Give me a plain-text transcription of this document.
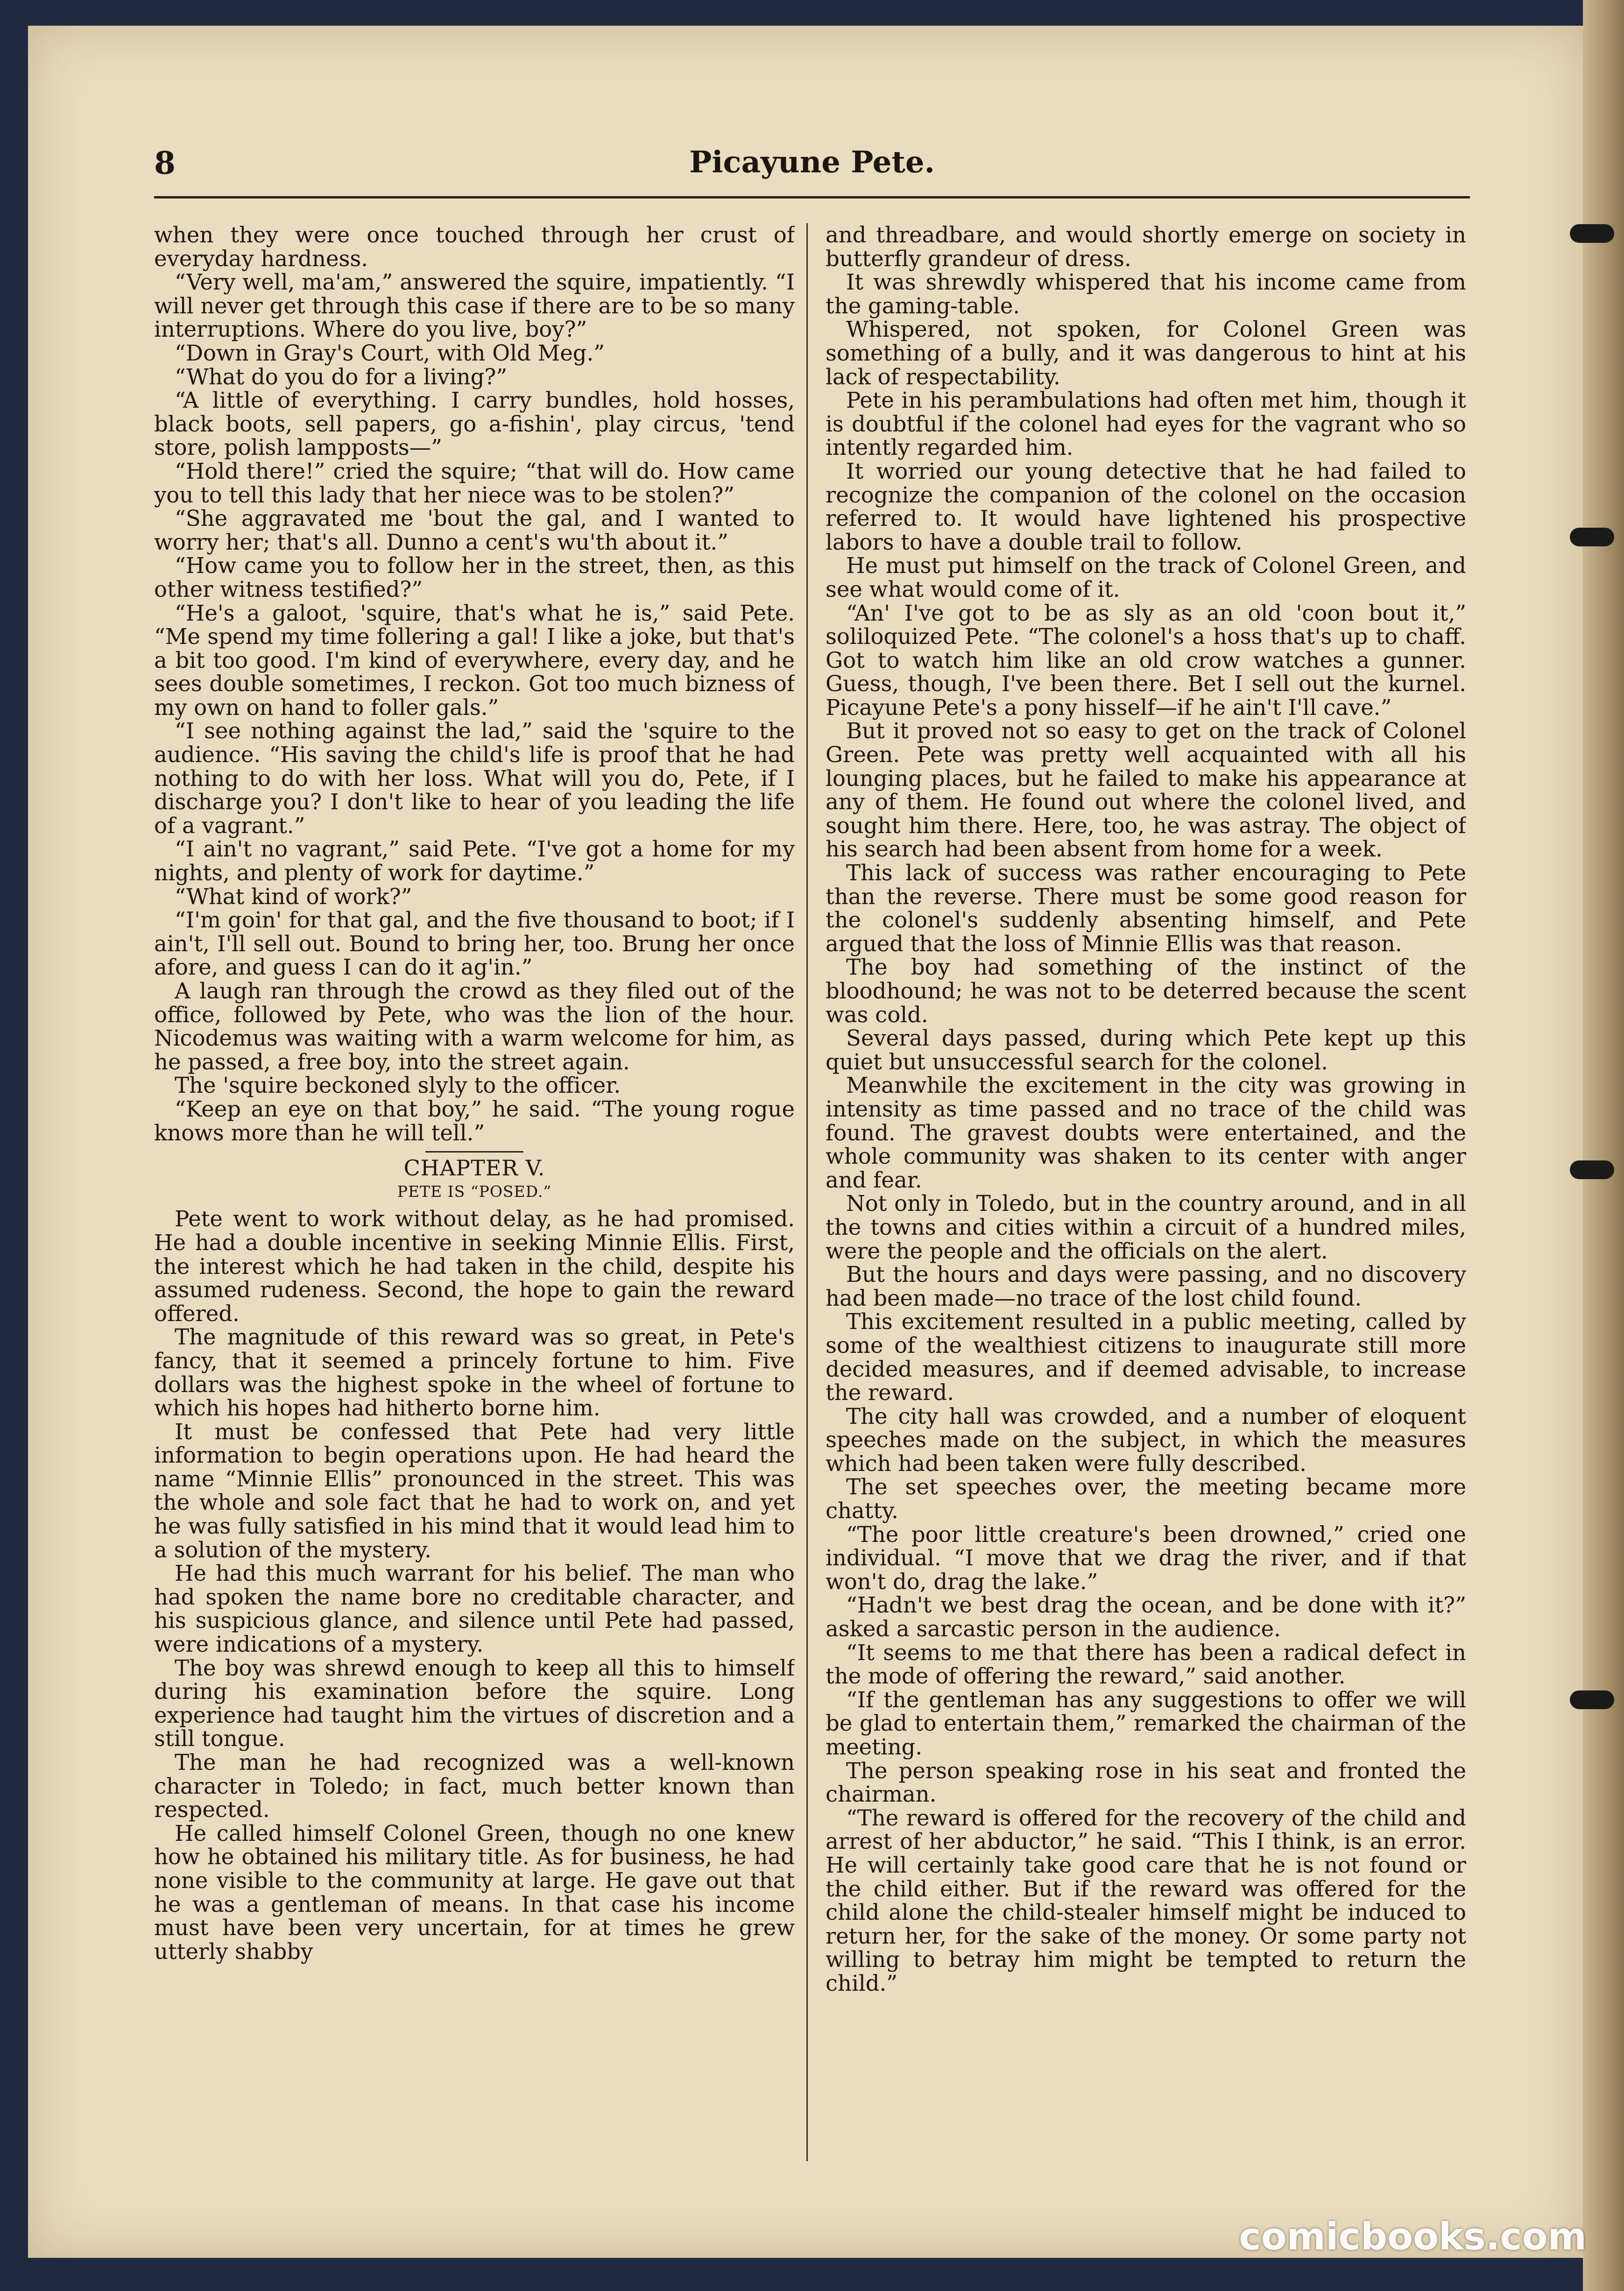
8	Picayune Pete.

when they were once touched through her crust of everyday hardness.

“Very well, ma'am,” answered the squire, impatiently. “I will never get through this case if there are to be so many interruptions. Where do you live, boy?”

“Down in Gray's Court, with Old Meg.”

“What do you do for a living?”

“A little of everything. I carry bundles, hold hosses, black boots, sell papers, go a-fishin', play circus, 'tend store, polish lampposts—”

“Hold there!” cried the squire; “that will do. How came you to tell this lady that her niece was to be stolen?”

“She aggravated me 'bout the gal, and I wanted to worry her; that's all. Dunno a cent's wu'th about it.”

“How came you to follow her in the street, then, as this other witness testified?”

“He's a galoot, 'squire, that's what he is,” said Pete. “Me spend my time follering a gal! I like a joke, but that's a bit too good. I'm kind of everywhere, every day, and he sees double sometimes, I reckon. Got too much bizness of my own on hand to foller gals.”

“I see nothing against the lad,” said the 'squire to the audience. “His saving the child's life is proof that he had nothing to do with her loss. What will you do, Pete, if I discharge you? I don't like to hear of you leading the life of a vagrant.”

“I ain't no vagrant,” said Pete. “I've got a home for my nights, and plenty of work for daytime.”

“What kind of work?”

“I'm goin' for that gal, and the five thousand to boot; if I ain't, I'll sell out. Bound to bring her, too. Brung her once afore, and guess I can do it ag'in.”

A laugh ran through the crowd as they filed out of the office, followed by Pete, who was the lion of the hour. Nicodemus was waiting with a warm welcome for him, as he passed, a free boy, into the street again.

The 'squire beckoned slyly to the officer.

“Keep an eye on that boy,” he said. “The young rogue knows more than he will tell.”

CHAPTER V.
PETE IS “POSED.”

Pete went to work without delay, as he had promised. He had a double incentive in seeking Minnie Ellis. First, the interest which he had taken in the child, despite his assumed rudeness. Second, the hope to gain the reward offered.

The magnitude of this reward was so great, in Pete's fancy, that it seemed a princely fortune to him. Five dollars was the highest spoke in the wheel of fortune to which his hopes had hitherto borne him.

It must be confessed that Pete had very little information to begin operations upon. He had heard the name “Minnie Ellis” pronounced in the street. This was the whole and sole fact that he had to work on, and yet he was fully satisfied in his mind that it would lead him to a solution of the mystery.

He had this much warrant for his belief. The man who had spoken the name bore no creditable character, and his suspicious glance, and silence until Pete had passed, were indications of a mystery.

The boy was shrewd enough to keep all this to himself during his examination before the squire. Long experience had taught him the virtues of discretion and a still tongue.

The man he had recognized was a well-known character in Toledo; in fact, much better known than respected.

He called himself Colonel Green, though no one knew how he obtained his military title. As for business, he had none visible to the community at large. He gave out that he was a gentleman of means. In that case his income must have been very uncertain, for at times he grew utterly shabby

and threadbare, and would shortly emerge on society in butterfly grandeur of dress.

It was shrewdly whispered that his income came from the gaming-table.

Whispered, not spoken, for Colonel Green was something of a bully, and it was dangerous to hint at his lack of respectability.

Pete in his perambulations had often met him, though it is doubtful if the colonel had eyes for the vagrant who so intently regarded him.

It worried our young detective that he had failed to recognize the companion of the colonel on the occasion referred to. It would have lightened his prospective labors to have a double trail to follow.

He must put himself on the track of Colonel Green, and see what would come of it.

“An' I've got to be as sly as an old 'coon bout it,” soliloquized Pete. “The colonel's a hoss that's up to chaff. Got to watch him like an old crow watches a gunner. Guess, though, I've been there. Bet I sell out the kurnel. Picayune Pete's a pony hisself—if he ain't I'll cave.”

But it proved not so easy to get on the track of Colonel Green. Pete was pretty well acquainted with all his lounging places, but he failed to make his appearance at any of them. He found out where the colonel lived, and sought him there. Here, too, he was astray. The object of his search had been absent from home for a week.

This lack of success was rather encouraging to Pete than the reverse. There must be some good reason for the colonel's suddenly absenting himself, and Pete argued that the loss of Minnie Ellis was that reason.

The boy had something of the instinct of the bloodhound; he was not to be deterred because the scent was cold.

Several days passed, during which Pete kept up this quiet but unsuccessful search for the colonel.

Meanwhile the excitement in the city was growing in intensity as time passed and no trace of the child was found. The gravest doubts were entertained, and the whole community was shaken to its center with anger and fear.

Not only in Toledo, but in the country around, and in all the towns and cities within a circuit of a hundred miles, were the people and the officials on the alert.

But the hours and days were passing, and no discovery had been made—no trace of the lost child found.

This excitement resulted in a public meeting, called by some of the wealthiest citizens to inaugurate still more decided measures, and if deemed advisable, to increase the reward.

The city hall was crowded, and a number of eloquent speeches made on the subject, in which the measures which had been taken were fully described.

The set speeches over, the meeting became more chatty.

“The poor little creature's been drowned,” cried one individual. “I move that we drag the river, and if that won't do, drag the lake.”

“Hadn't we best drag the ocean, and be done with it?” asked a sarcastic person in the audience.

“It seems to me that there has been a radical defect in the mode of offering the reward,” said another.

“If the gentleman has any suggestions to offer we will be glad to entertain them,” remarked the chairman of the meeting.

The person speaking rose in his seat and fronted the chairman.

“The reward is offered for the recovery of the child and arrest of her abductor,” he said. “This I think, is an error. He will certainly take good care that he is not found or the child either. But if the reward was offered for the child alone the child-stealer himself might be induced to return her, for the sake of the money. Or some party not willing to betray him might be tempted to return the child.”

comicbooks.com
